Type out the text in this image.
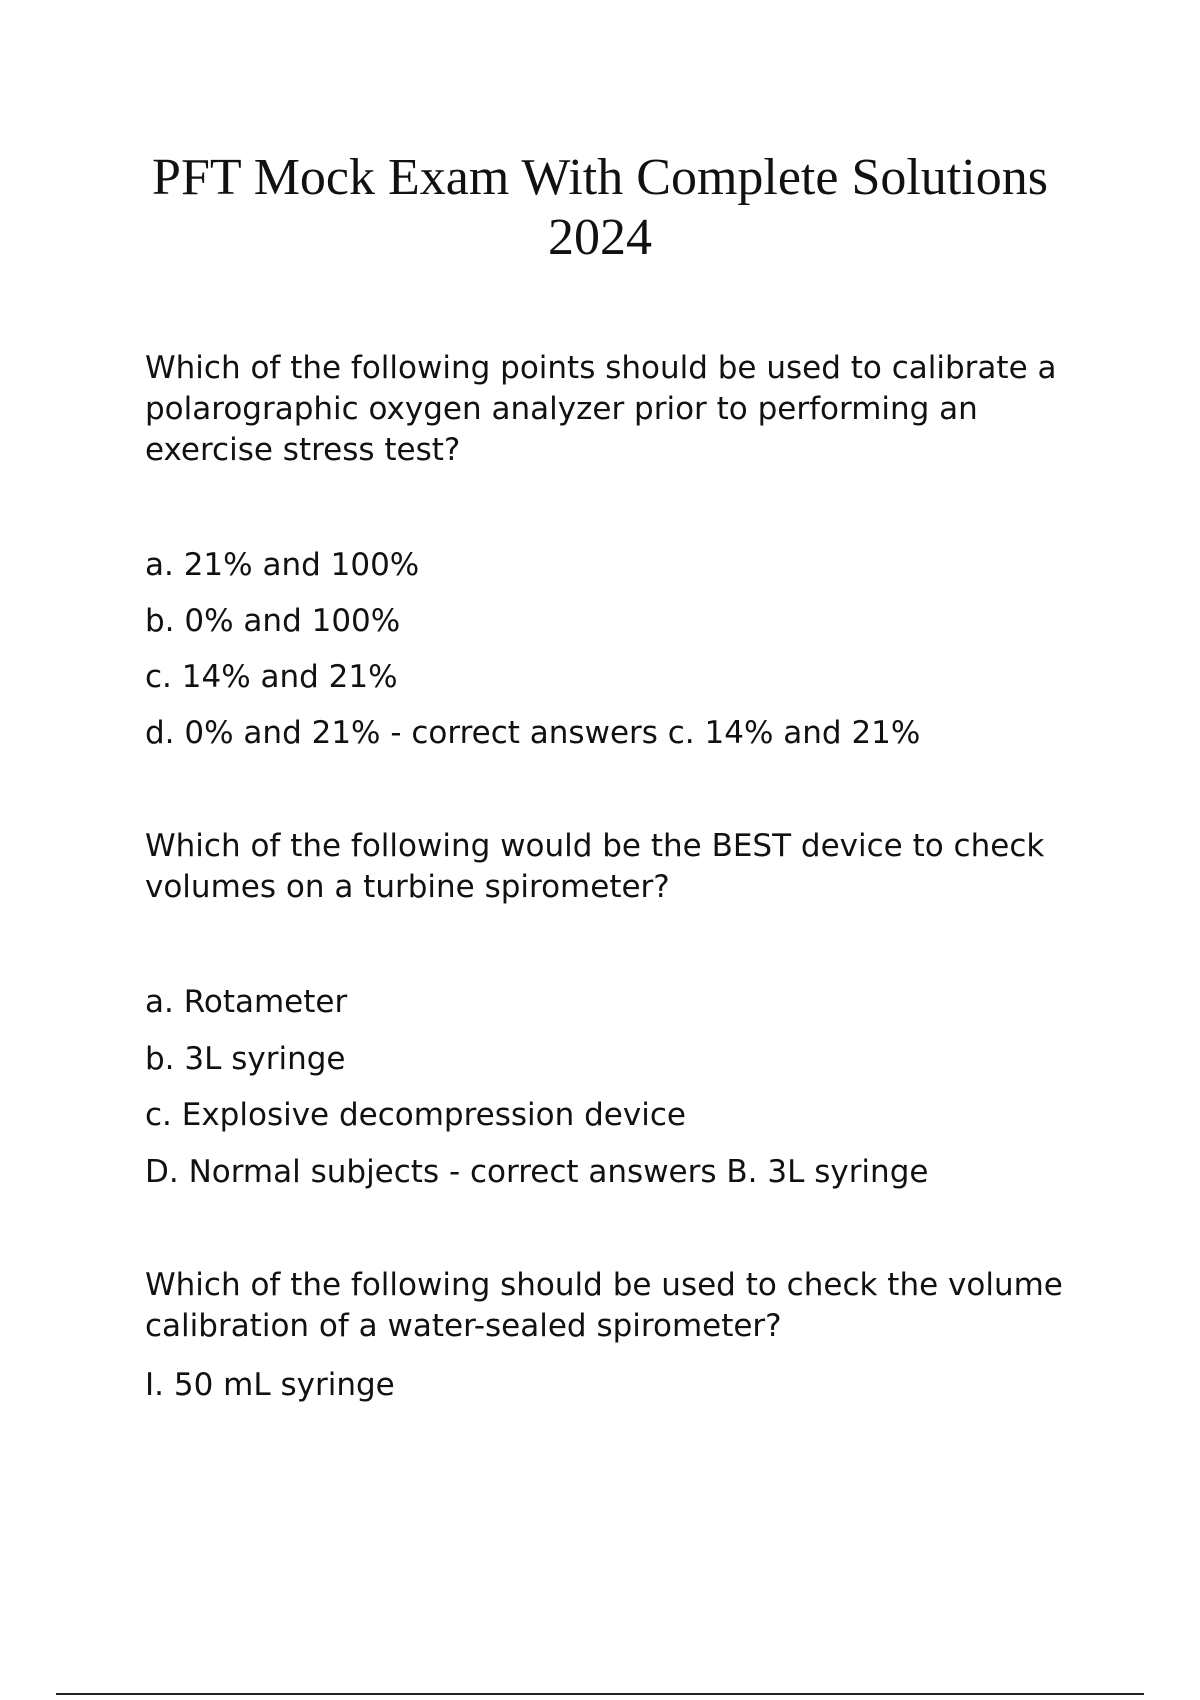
PFT Mock Exam With Complete Solutions 2024

Which of the following points should be used to calibrate a polarographic oxygen analyzer prior to performing an exercise stress test?

a. 21% and 100%

b. 0% and 100%

c. 14% and 21%

d. 0% and 21% - correct answers c. 14% and 21%

Which of the following would be the BEST device to check volumes on a turbine spirometer?

a. Rotameter

b. 3L syringe

c. Explosive decompression device

D. Normal subjects - correct answers B. 3L syringe

Which of the following should be used to check the volume calibration of a water-sealed spirometer?

I. 50 mL syringe
